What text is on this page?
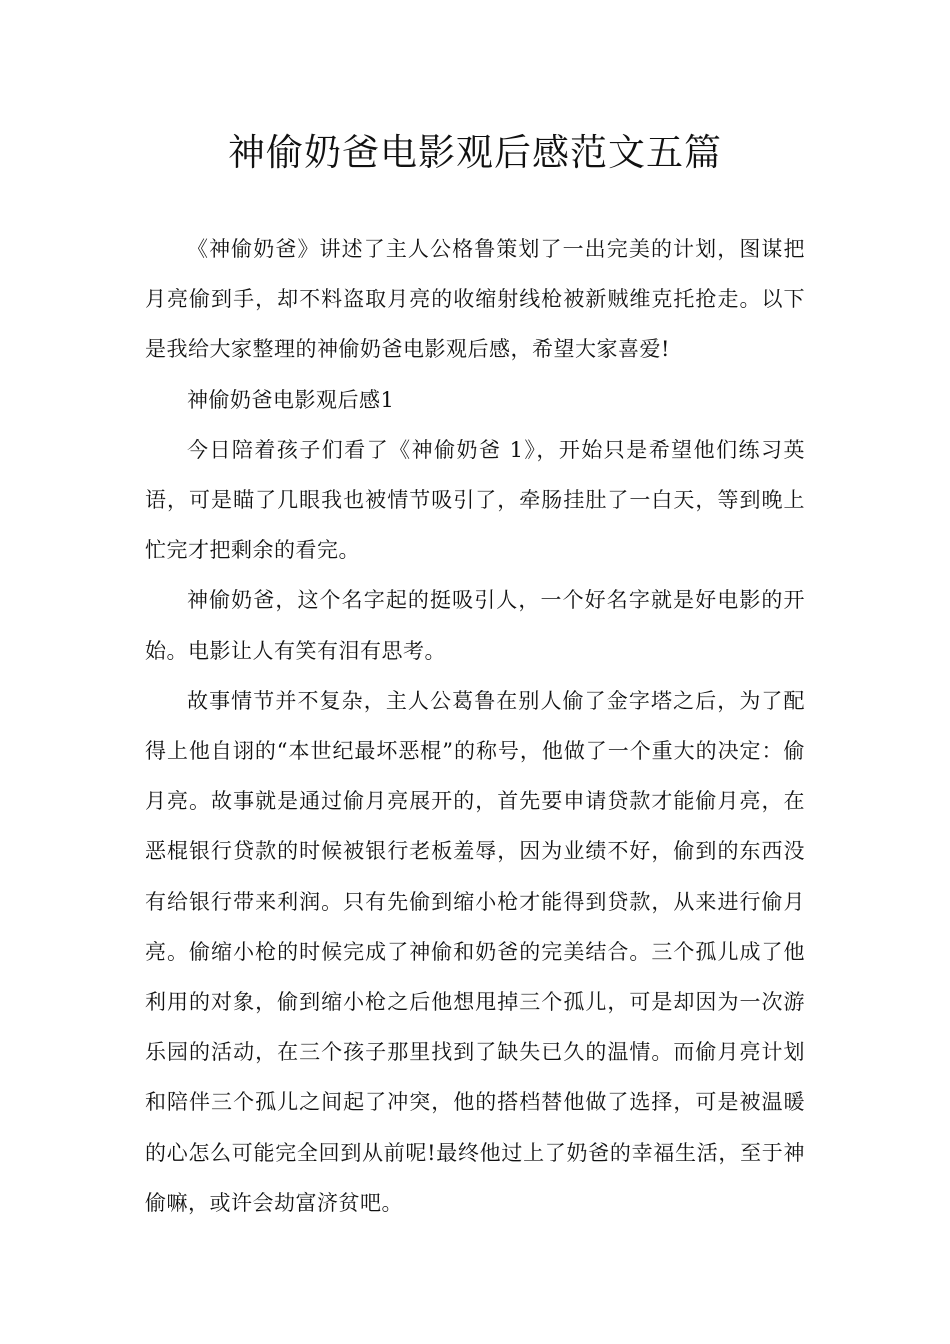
神偷奶爸电影观后感范文五篇

《神偷奶爸》讲述了主人公格鲁策划了一出完美的计划，图谋把月亮偷到手，却不料盗取月亮的收缩射线枪被新贼维克托抢走。以下是我给大家整理的神偷奶爸电影观后感，希望大家喜爱!

神偷奶爸电影观后感1

今日陪着孩子们看了《神偷奶爸 1》，开始只是希望他们练习英语，可是瞄了几眼我也被情节吸引了，牵肠挂肚了一白天，等到晚上忙完才把剩余的看完。

神偷奶爸，这个名字起的挺吸引人，一个好名字就是好电影的开始。电影让人有笑有泪有思考。

故事情节并不复杂，主人公葛鲁在别人偷了金字塔之后，为了配得上他自诩的“本世纪最坏恶棍”的称号，他做了一个重大的决定：偷月亮。故事就是通过偷月亮展开的，首先要申请贷款才能偷月亮，在恶棍银行贷款的时候被银行老板羞辱，因为业绩不好，偷到的东西没有给银行带来利润。只有先偷到缩小枪才能得到贷款，从来进行偷月亮。偷缩小枪的时候完成了神偷和奶爸的完美结合。三个孤儿成了他利用的对象，偷到缩小枪之后他想甩掉三个孤儿，可是却因为一次游乐园的活动，在三个孩子那里找到了缺失已久的温情。而偷月亮计划和陪伴三个孤儿之间起了冲突，他的搭档替他做了选择，可是被温暖的心怎么可能完全回到从前呢!最终他过上了奶爸的幸福生活，至于神偷嘛，或许会劫富济贫吧。
